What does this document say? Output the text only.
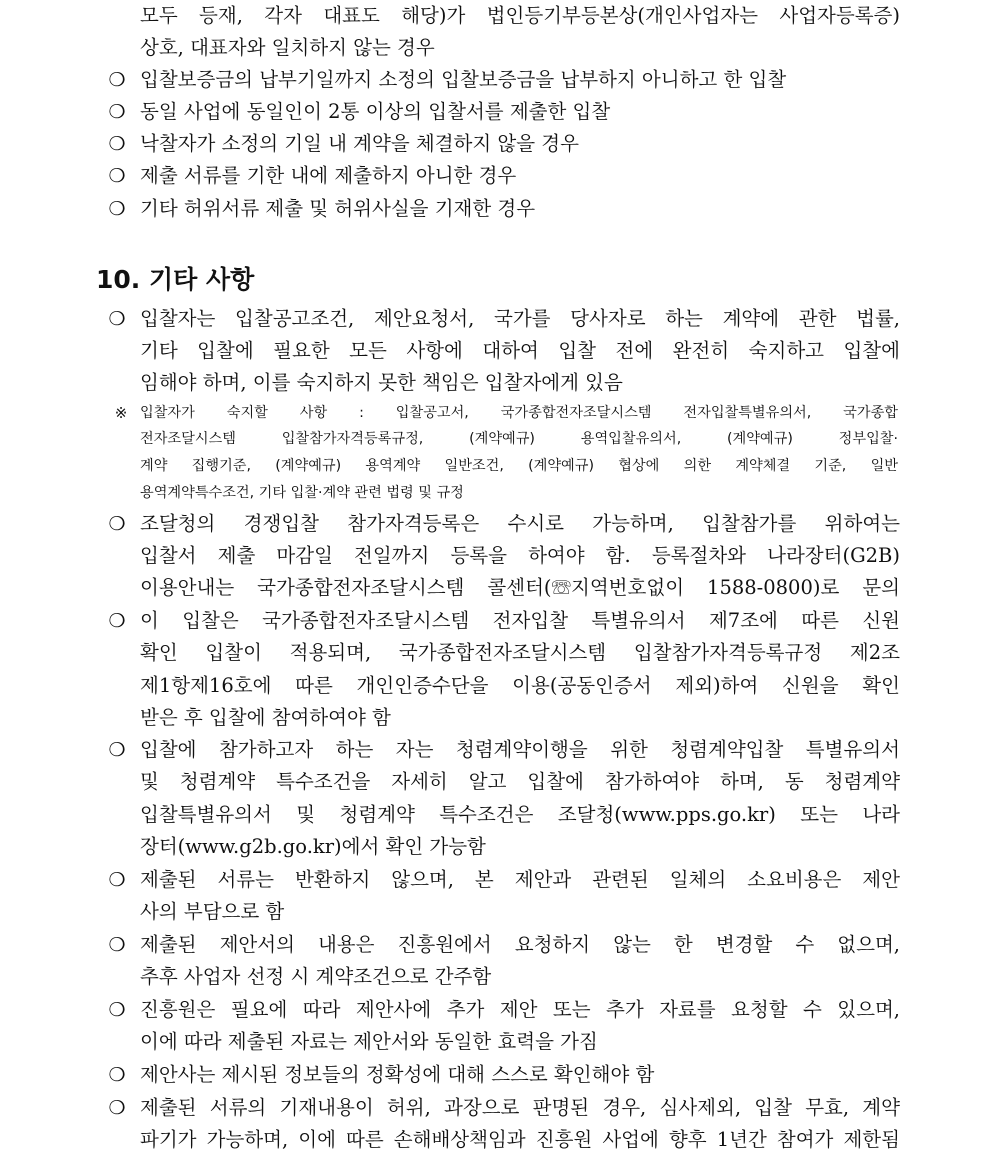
모두 등재, 각자 대표도 해당)가 법인등기부등본상(개인사업자는 사업자등록증)
상호, 대표자와 일치하지 않는 경우
❍ 입찰보증금의 납부기일까지 소정의 입찰보증금을 납부하지 아니하고 한 입찰
❍ 동일 사업에 동일인이 2통 이상의 입찰서를 제출한 입찰
❍ 낙찰자가 소정의 기일 내 계약을 체결하지 않을 경우
❍ 제출 서류를 기한 내에 제출하지 아니한 경우
❍ 기타 허위서류 제출 및 허위사실을 기재한 경우
10. 기타 사항
❍ 입찰자는 입찰공고조건, 제안요청서, 국가를 당사자로 하는 계약에 관한 법률,
기타 입찰에 필요한 모든 사항에 대하여 입찰 전에 완전히 숙지하고 입찰에
임해야 하며, 이를 숙지하지 못한 책임은 입찰자에게 있음
※ 입찰자가 숙지할 사항 : 입찰공고서, 국가종합전자조달시스템 전자입찰특별유의서, 국가종합
전자조달시스템 입찰참가자격등록규정, (계약예규) 용역입찰유의서, (계약예규) 정부입찰·
계약 집행기준, (계약예규) 용역계약 일반조건, (계약예규) 협상에 의한 계약체결 기준, 일반
용역계약특수조건, 기타 입찰·계약 관련 법령 및 규정
❍ 조달청의 경쟁입찰 참가자격등록은 수시로 가능하며, 입찰참가를 위하여는
입찰서 제출 마감일 전일까지 등록을 하여야 함. 등록절차와 나라장터(G2B)
이용안내는 국가종합전자조달시스템 콜센터(☏지역번호없이 1588-0800)로 문의
❍ 이 입찰은 국가종합전자조달시스템 전자입찰 특별유의서 제7조에 따른 신원
확인 입찰이 적용되며, 국가종합전자조달시스템 입찰참가자격등록규정 제2조
제1항제16호에 따른 개인인증수단을 이용(공동인증서 제외)하여 신원을 확인
받은 후 입찰에 참여하여야 함
❍ 입찰에 참가하고자 하는 자는 청렴계약이행을 위한 청렴계약입찰 특별유의서
및 청렴계약 특수조건을 자세히 알고 입찰에 참가하여야 하며, 동 청렴계약
입찰특별유의서 및 청렴계약 특수조건은 조달청(www.pps.go.kr) 또는 나라
장터(www.g2b.go.kr)에서 확인 가능함
❍ 제출된 서류는 반환하지 않으며, 본 제안과 관련된 일체의 소요비용은 제안
사의 부담으로 함
❍ 제출된 제안서의 내용은 진흥원에서 요청하지 않는 한 변경할 수 없으며,
추후 사업자 선정 시 계약조건으로 간주함
❍ 진흥원은 필요에 따라 제안사에 추가 제안 또는 추가 자료를 요청할 수 있으며,
이에 따라 제출된 자료는 제안서와 동일한 효력을 가짐
❍ 제안사는 제시된 정보들의 정확성에 대해 스스로 확인해야 함
❍ 제출된 서류의 기재내용이 허위, 과장으로 판명된 경우, 심사제외, 입찰 무효, 계약
파기가 가능하며, 이에 따른 손해배상책임과 진흥원 사업에 향후 1년간 참여가 제한됨
